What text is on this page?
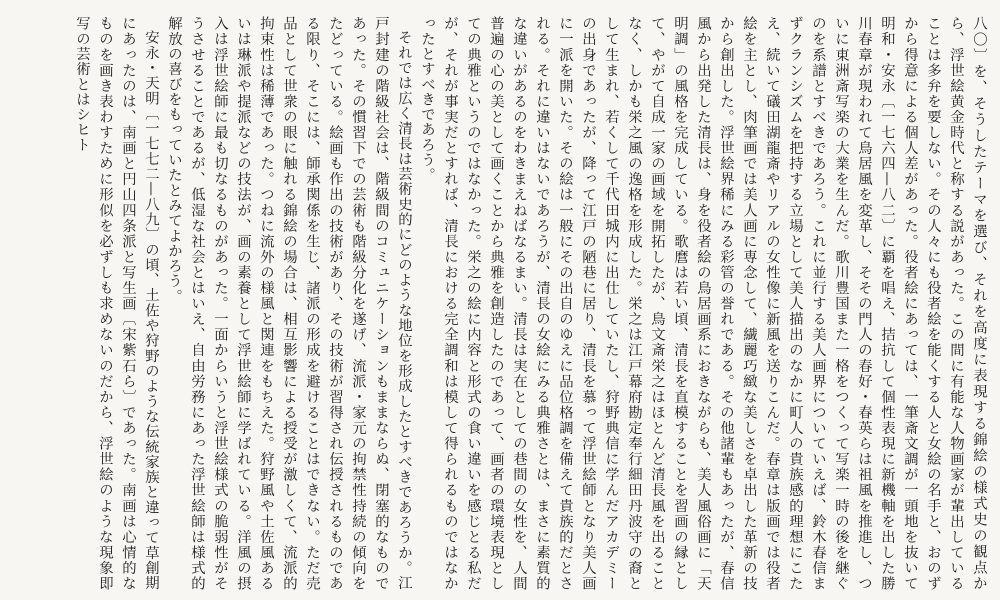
八〇〕を、そうしたテーマを選び、それを高度に表現する錦絵の様式史の観点から、浮世絵黄金時代と称する説があった。この間に有能な人物画家が輩出していることは多弁を要しない。その人々にも役者絵を能くする人と女絵の名手と、おのずから得意による個人差があった。役者絵にあっては、一筆斎文調が一頭地を抜いて明和・安永〔一七六四—八二〕に覇を唱え、拮抗して個性表現に新機軸を出した勝川春章が現われて鳥居風を変革し、そその門人の春好・春英らは祖風を推進し、ついに東洲斎写楽の大業を生んだ。歌川豊国また一格をつくって写楽一時の後を継ぐのを系譜とすべきであろう。これに並行する美人画界についていえば、鈴木春信まずクランシズムを把持する立場として美人描出のなかに町人の貴族感的理想にこたえ、続いて礒田湖龍斎やリアルの女性像に新風を送りこんだ。春章は版画では役者絵を主とし、肉筆画では美人画に専念して、繊麗巧緻な美しさを卓出した革新の技から創出した。浮世絵界稀にみる彩管の誉れである。その他諸輩もあったが、春信風から出発した清長は、身を役者絵の鳥居画系におきながらも、美人風俗画に「天明調」の風格を完成している。歌麿は若い頃、清長を直模することを習画の縁として、やがて自成一家の画域を開拓したが、鳥文斎栄之はほとんど清長風を出ることなく、しかも栄之風の逸格を形成した。栄之は江戸幕府勘定奉行細田丹波守の裔として生まれ、若くして千代田城内に出仕していたし、狩野典信に学んだアカデミーの出身であったが、降って江戸の陋巷に居り、清長を慕って浮世絵師となり美人画に一派を開いた。その絵は一般にその出自のゆえに品位格調を備えて貴族的だとされる。それに違いはないであろうが、清長の女絵にみる典雅さとは、まさに素質的な違いがあるのをわきまえねばなるまい。清長は実在としての巷間の女性を、人間普遍の心の美として画くことから典雅を創造したのであって、画者の環境表現としての典雅というのではなかった。栄之の絵に内容と形式の食い違いを感じとる私だが、それが事実だとすれば、清長における完全調和は模して得られるものではなかったとすべきであろう。

それでは広く清長は芸術史的にどのような地位を形成したとすべきであろうか。江戸封建の階級社会は、階級間のコミュニケーションもままならぬ、閉塞的なものであった。その慣習下での芸術も階級分化を遂げ、流派・家元の拘禁性持続の傾向をたどっている。絵画も作出の技術があり、その技術が習得され伝授されるものである限り、そこには、師承関係を生じ、諸派の形成を避けることはできない。ただ売品として世衆の眼に触れる錦絵の場合は、相互影響による授受が激しくて、流派的拘束性は稀薄であった。つねに流外の様風と関連をもちえた。狩野風や土佐風あるいは琳派や提派などの技法が、画の素養として浮世絵師に学ばれている。洋風の摂入は浮世絵師に最も切なるものがあった。一面からいうと浮世絵様式の脆弱性がそうさせることであるが、低湿な社会とはいえ、自由労務にあった浮世絵師は様式的解放の喜びをもっていたとみてよかろう。

安永・天明〔一七七二—八九〕の頃、土佐や狩野のような伝統家族と違って草創期にあったのは、南画と円山四条派と写生画〔宋紫石ら〕であった。南画は心情的なものを画き表わすために形似を必ずしも求めないのだから、浮世絵のような現象即写の芸術とはシヒト
